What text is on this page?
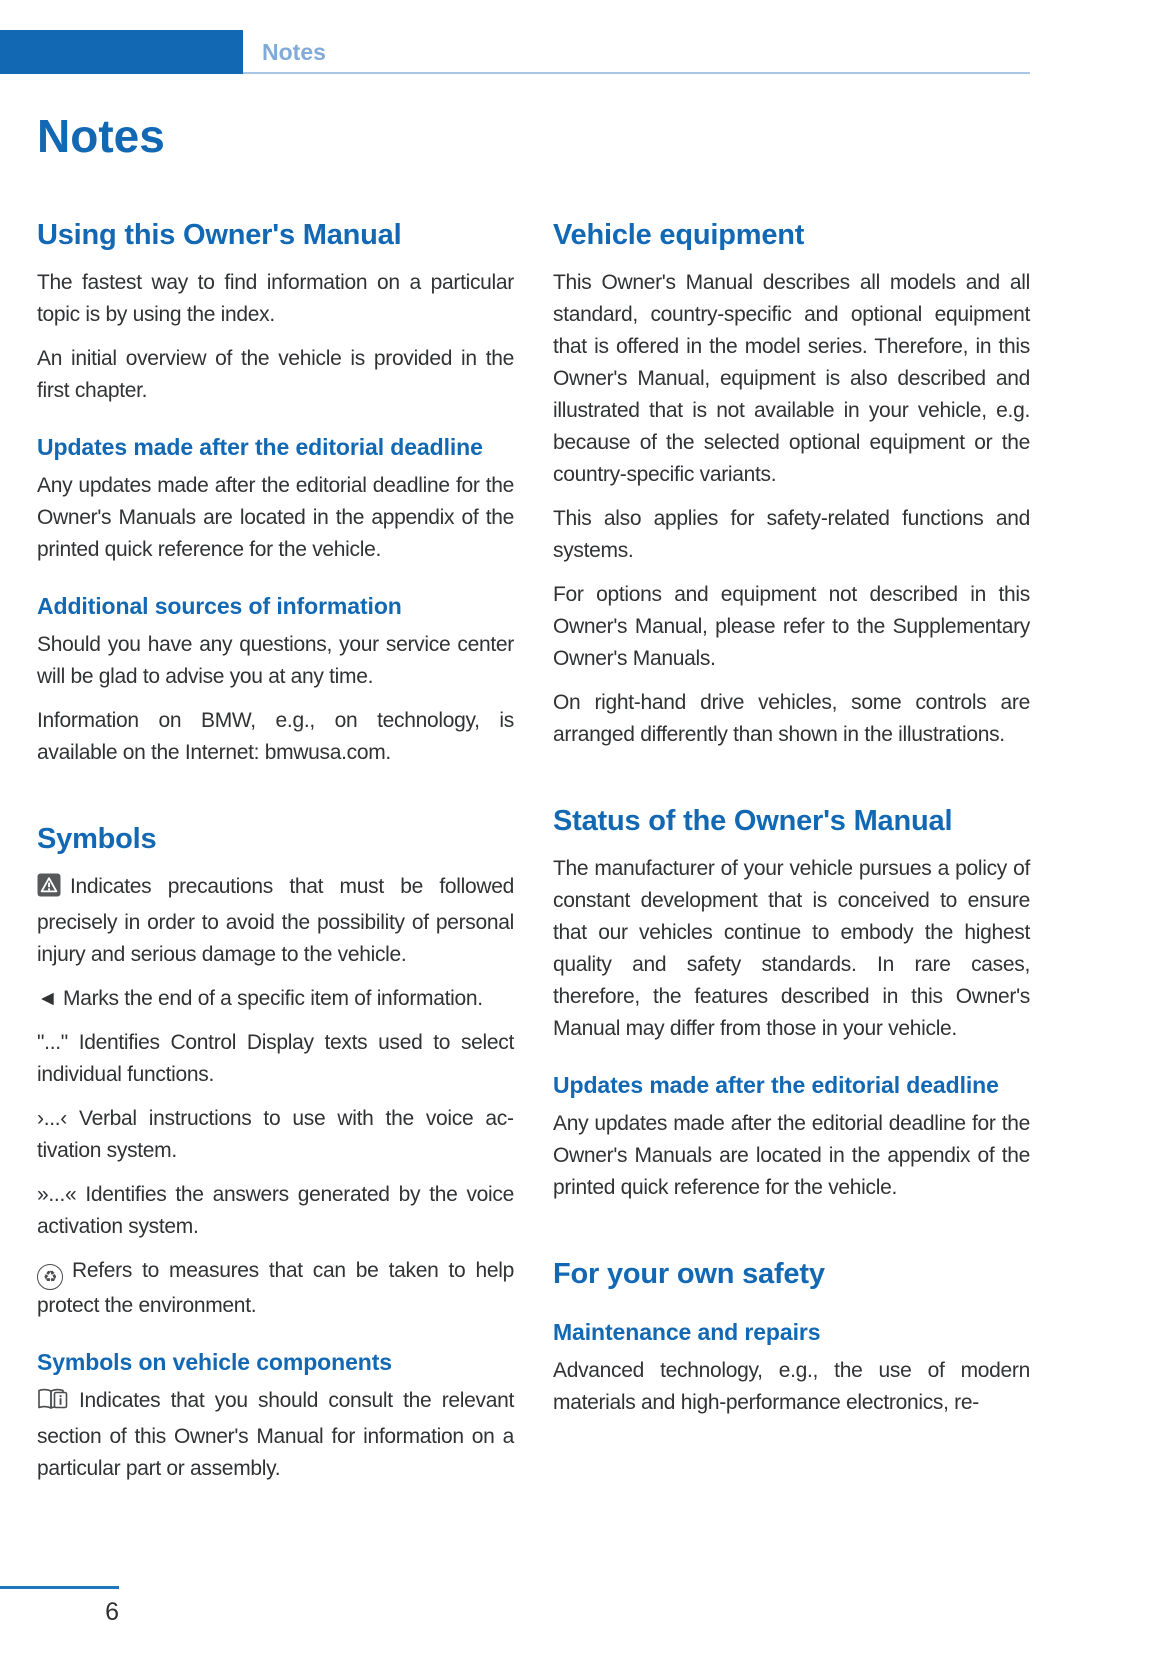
Notes
Notes
Using this Owner's Manual

The fastest way to find information on a particular topic is by using the index.

An initial overview of the vehicle is provided in the first chapter.

Updates made after the editorial deadline

Any updates made after the editorial deadline for the Owner's Manuals are located in the appendix of the printed quick reference for the vehicle.

Additional sources of information

Should you have any questions, your service center will be glad to advise you at any time.

Information on BMW, e.g., on technology, is available on the Internet: bmwusa.com.

Symbols

Indicates precautions that must be followed precisely in order to avoid the possibility of personal injury and serious damage to the vehicle.

◄ Marks the end of a specific item of information.

"..." Identifies Control Display texts used to select individual functions.

›...‹ Verbal instructions to use with the voice activation system.

»...« Identifies the answers generated by the voice activation system.

♻ Refers to measures that can be taken to help protect the environment.

Symbols on vehicle components

Indicates that you should consult the relevant section of this Owner's Manual for information on a particular part or assembly.

Vehicle equipment

This Owner's Manual describes all models and all standard, country-specific and optional equipment that is offered in the model series. Therefore, in this Owner's Manual, equipment is also described and illustrated that is not available in your vehicle, e.g. because of the selected optional equipment or the country-specific variants.

This also applies for safety-related functions and systems.

For options and equipment not described in this Owner's Manual, please refer to the Supplementary Owner's Manuals.

On right-hand drive vehicles, some controls are arranged differently than shown in the illustrations.

Status of the Owner's Manual

The manufacturer of your vehicle pursues a policy of constant development that is conceived to ensure that our vehicles continue to embody the highest quality and safety standards. In rare cases, therefore, the features described in this Owner's Manual may differ from those in your vehicle.

Updates made after the editorial deadline

Any updates made after the editorial deadline for the Owner's Manuals are located in the appendix of the printed quick reference for the vehicle.

For your own safety
Maintenance and repairs

Advanced technology, e.g., the use of modern materials and high-performance electronics, re-

6
